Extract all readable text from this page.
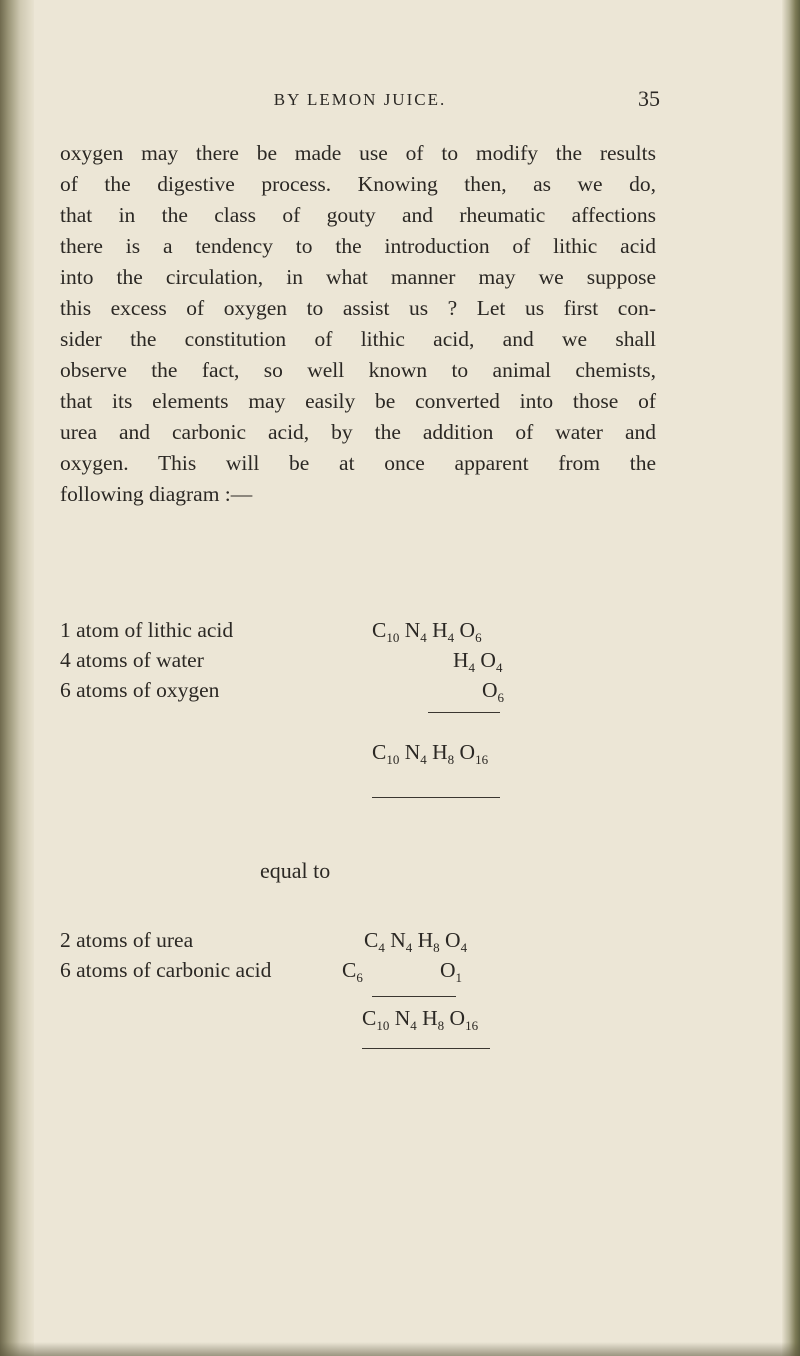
BY LEMON JUICE.	35

oxygen may there be made use of to modify the results
of the digestive process. Knowing then, as we do,
that in the class of gouty and rheumatic affections
there is a tendency to the introduction of lithic acid
into the circulation, in what manner may we suppose
this excess of oxygen to assist us ? Let us first con-
sider the constitution of lithic acid, and we shall
observe the fact, so well known to animal chemists,
that its elements may easily be converted into those of
urea and carbonic acid, by the addition of water and
oxygen. This will be at once apparent from the
following diagram :—

1 atom of lithic acid	$C_{10}$ $N_4$ $H_4$ $O_6$
4 atoms of water	$H_4$ $O_4$
6 atoms of oxygen	$O_6$
$C_{10}$ $N_4$ $H_8$ $O_{16}$
equal to
2 atoms of urea	$C_4$ $N_4$ $H_8$ $O_4$
6 atoms of carbonic acid	$C_6$	$O_1$
$C_{10}$ $N_4$ $H_8$ $O_{16}$
